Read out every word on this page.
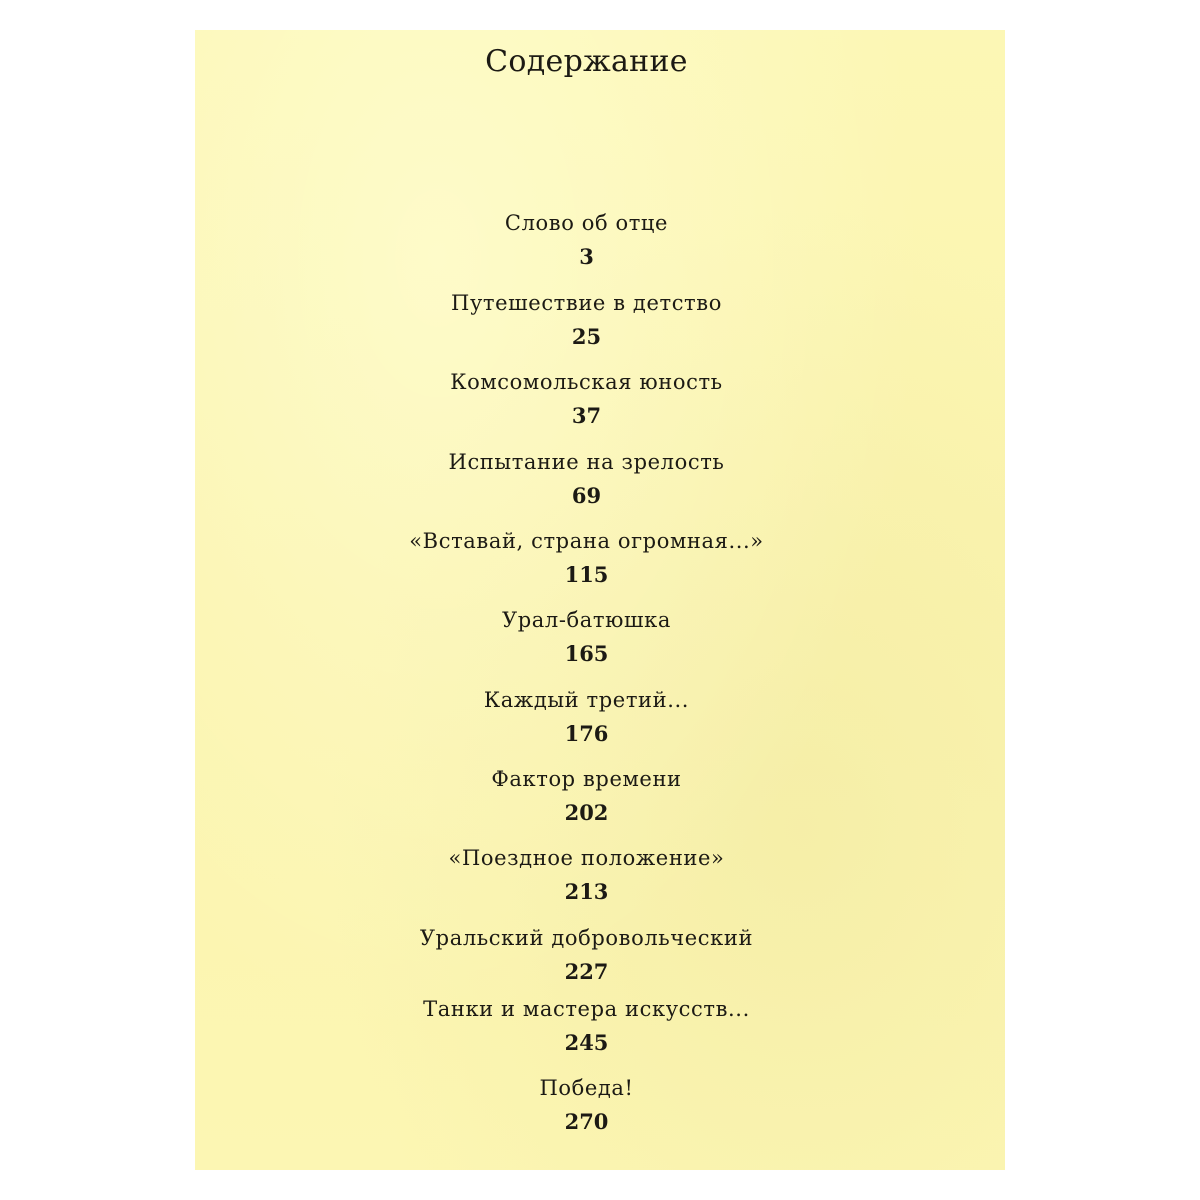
Содержание
Слово об отце
3
Путешествие в детство
25
Комсомольская юность
37
Испытание на зрелость
69
«Вставай, страна огромная...»
115
Урал-батюшка
165
Каждый третий...
176
Фактор времени
202
«Поездное положение»
213
Уральский добровольческий
227
Танки и мастера искусств...
245
Победа!
270
